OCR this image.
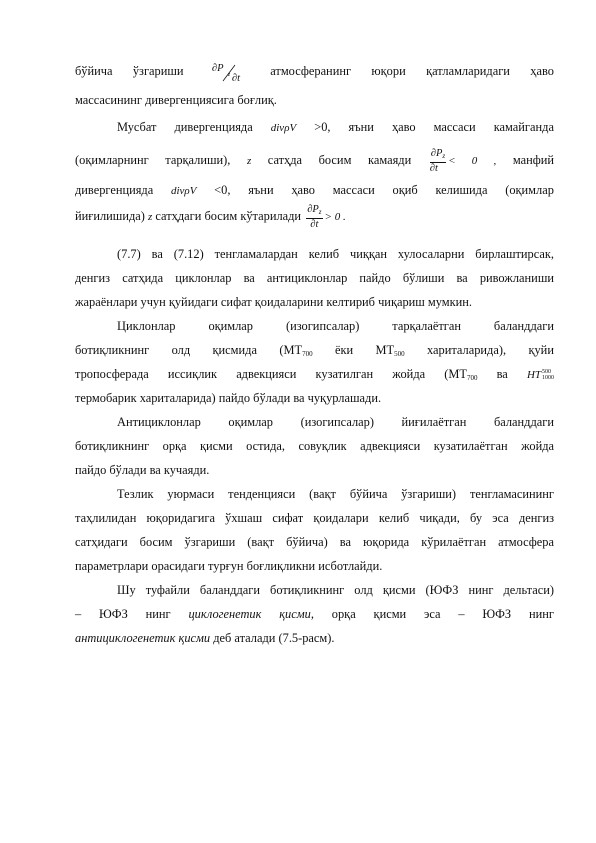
бўйича ўзгариши	∂P
z ∂t
атмосферанинг юқори қатламларидаги ҳаво
массасининг дивергенциясига боғлиқ.
Мусбат дивергенцияда divρV >0, яъни ҳаво массаси камайганда
(оқимларнинг тарқалиши), z сатҳда босим камаяди $\frac{\partial P_z}{\partial t} < 0$ , манфий
дивергенцияда divρV <0, яъни ҳаво массаси оқиб келишида (оқимлар
йиғилишида) z сатҳдаги босим кўтарилади $\frac{\partial P_z}{\partial t} > 0$ .
(7.7) ва (7.12) тенгламалардан келиб чиққан хулосаларни бирлаштирсак,
денгиз сатҳида циклонлар ва антициклонлар пайдо бўлиши ва ривожланиши
жараёнлари учун қуйидаги сифат қоидаларини келтириб чиқариш мумкин.
Циклонлар	оқимлар	(изогипсалар)	тарқалаётган	баланддаги
ботиқликнинг олд қисмида ($МТ_{700}$ ёки $МТ_{500}$ хариталарида), қуйи
тропосферада иссиқлик адвекцияси кузатилган жойда ($МТ_{700}$ ва HT 500
1000
термобарик хариталарида) пайдо бўлади ва чуқурлашади.
Антициклонлар оқимлар (изогипсалар) йиғилаётган баланддаги
ботиқликнинг орқа қисми остида, совуқлик адвекцияси кузатилаётган жойда
пайдо бўлади ва кучаяди.
Тезлик уюрмаси тенденцияси (вақт бўйича ўзгариши) тенгламасининг
таҳлилидан юқоридагига ўхшаш сифат қоидалари келиб чиқади, бу эса денгиз
сатҳидаги босим ўзгариши (вақт бўйича) ва юқорида кўрилаётган атмосфера
параметрлари орасидаги турғун боғлиқликни исботлайди.
Шу туфайли баланддаги ботиқликнинг олд қисми (ЮФЗ нинг дельтаси)
– ЮФЗ нинг циклогенетик қисми, орқа қисми эса – ЮФЗ нинг
антициклогенетик қисми деб аталади (7.5-расм).
